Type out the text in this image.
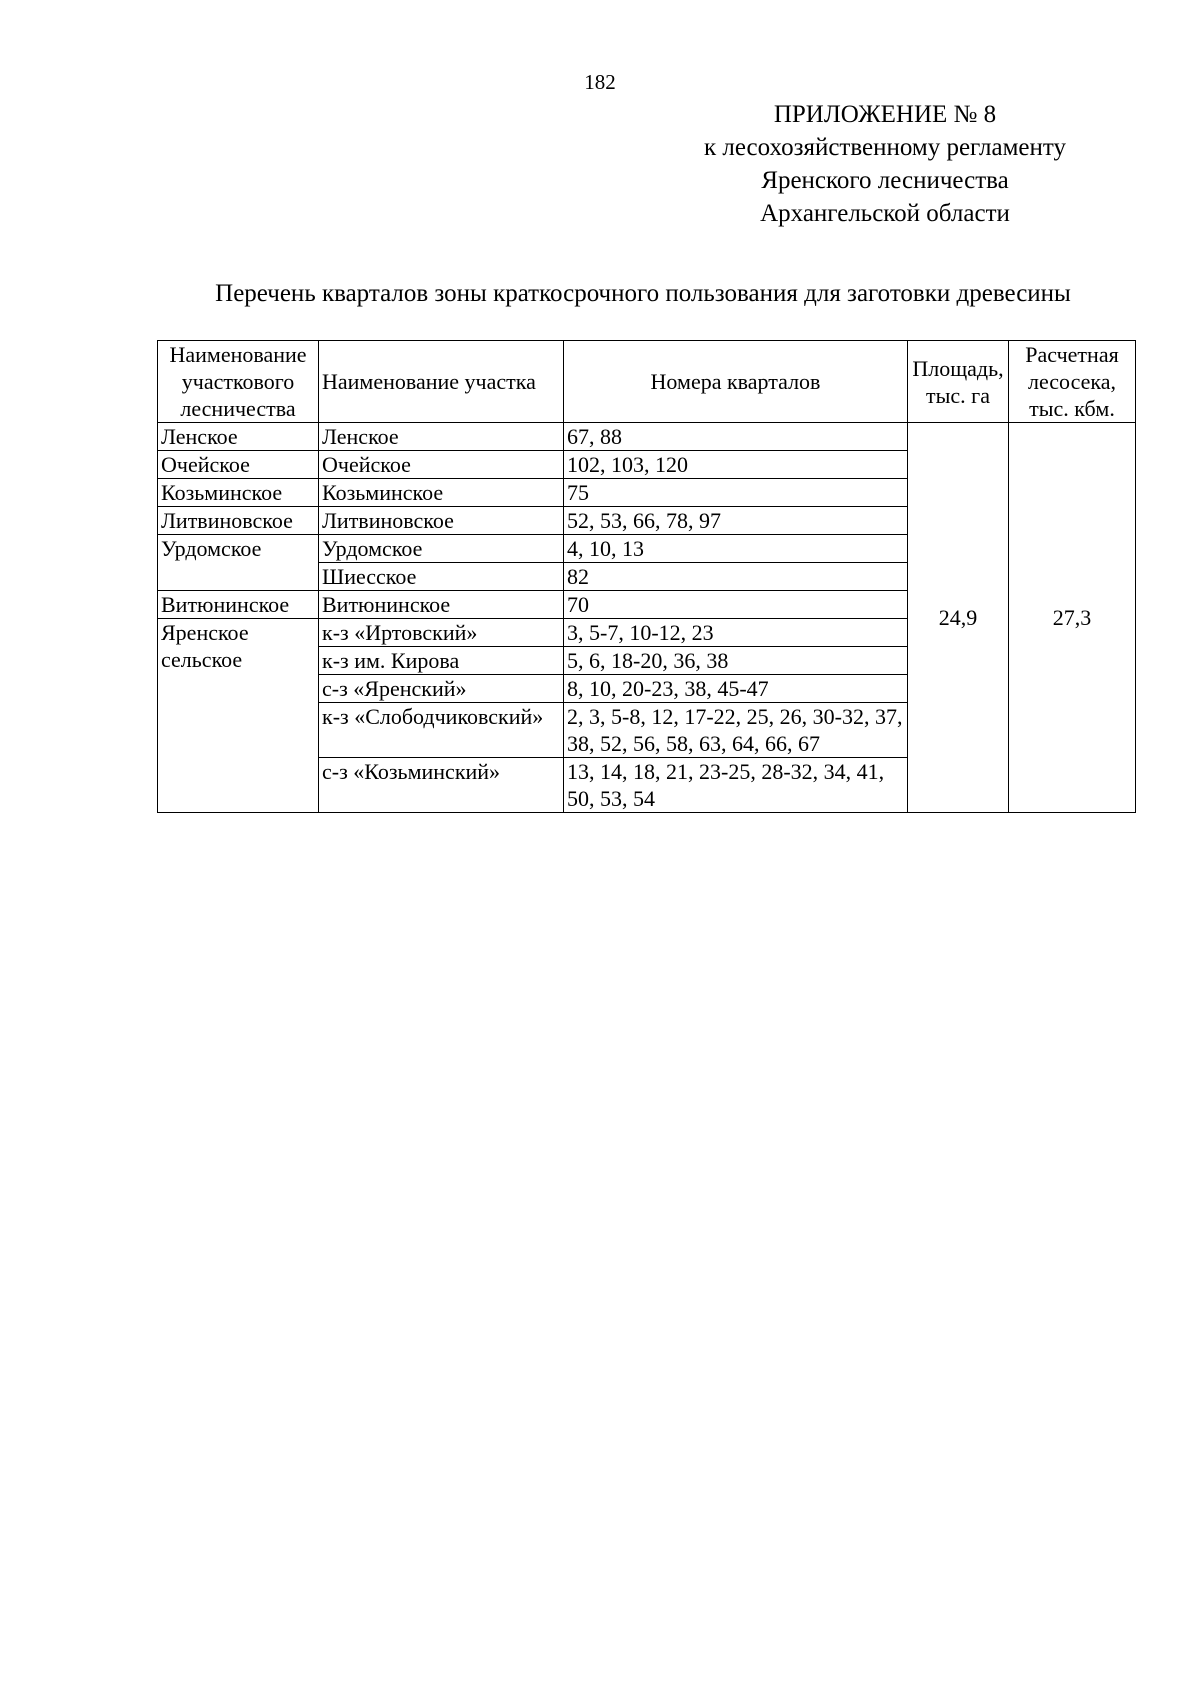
182
ПРИЛОЖЕНИЕ № 8
к лесохозяйственному регламенту
Яренского лесничества
Архангельской области
Перечень кварталов зоны краткосрочного пользования для заготовки древесины
Наименование участкового лесничества	Наименование участка	Номера кварталов	Площадь, тыс. га	Расчетная лесосека, тыс. кбм.
Ленское	Ленское	67, 88	24,9	27,3
Очейское	Очейское	102, 103, 120		
Козьминское	Козьминское	75		
Литвиновское	Литвиновское	52, 53, 66, 78, 97		
Урдомское	Урдомское	4, 10, 13		
	Шиесское	82		
Витюнинское	Витюнинское	70		
Яренское сельское	к-з «Иртовский»	3, 5-7, 10-12, 23		
	к-з им. Кирова	5, 6, 18-20, 36, 38		
	с-з «Яренский»	8, 10, 20-23, 38, 45-47		
	к-з «Слободчиковский»	2, 3, 5-8, 12, 17-22, 25, 26, 30-32, 37, 38, 52, 56, 58, 63, 64, 66, 67		
	с-з «Козьминский»	13, 14, 18, 21, 23-25, 28-32, 34, 41, 50, 53, 54		
